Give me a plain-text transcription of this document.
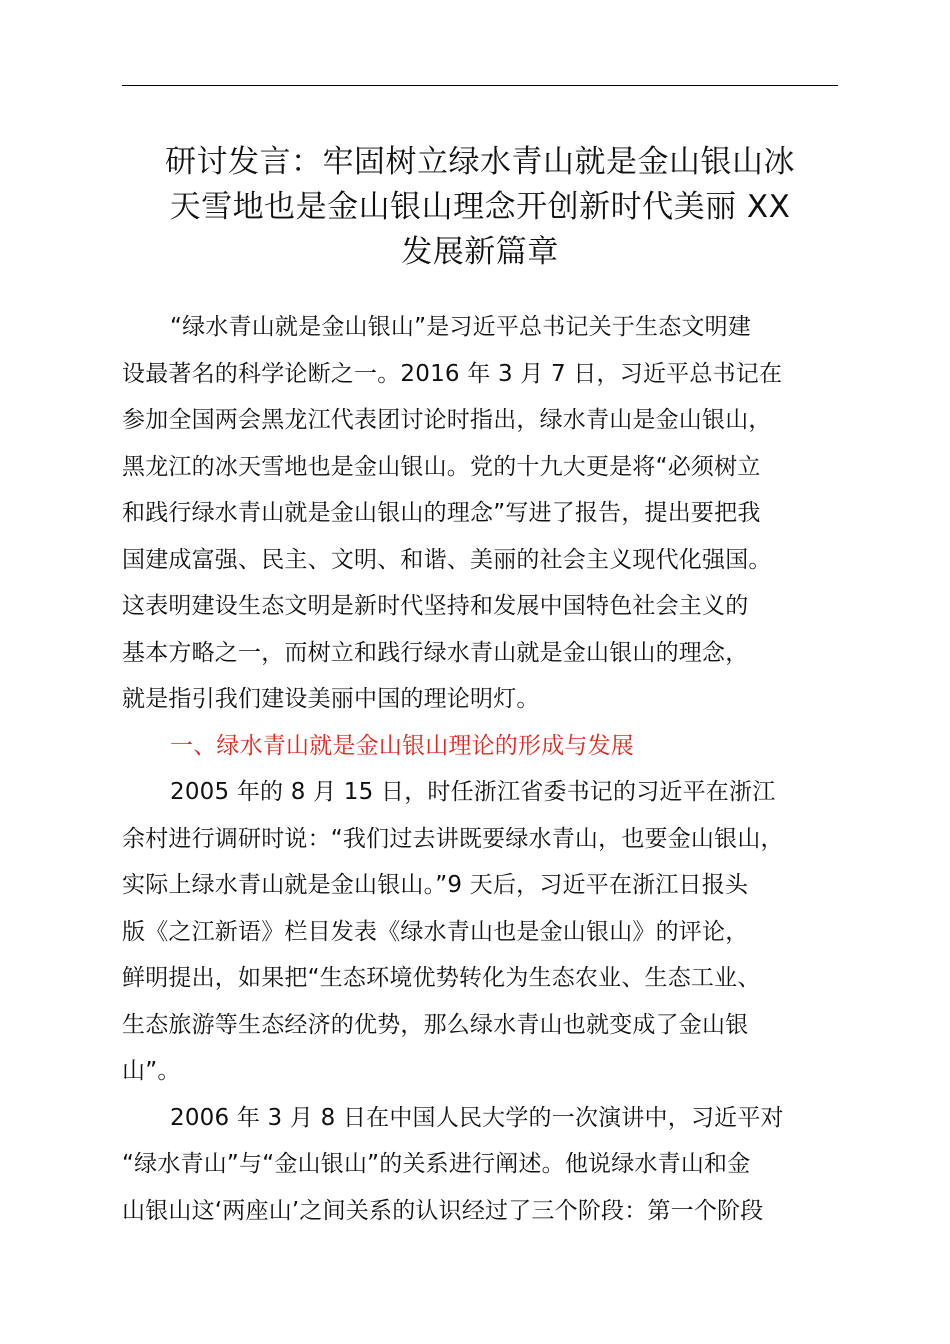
研讨发言：牢固树立绿水青山就是金山银山冰
天雪地也是金山银山理念开创新时代美丽 XX
发展新篇章
“绿水青山就是金山银山”是习近平总书记关于生态文明建
设最著名的科学论断之一。2016 年 3 月 7 日，习近平总书记在
参加全国两会黑龙江代表团讨论时指出，绿水青山是金山银山，
黑龙江的冰天雪地也是金山银山。党的十九大更是将“必须树立
和践行绿水青山就是金山银山的理念”写进了报告，提出要把我
国建成富强、民主、文明、和谐、美丽的社会主义现代化强国。
这表明建设生态文明是新时代坚持和发展中国特色社会主义的
基本方略之一，而树立和践行绿水青山就是金山银山的理念，
就是指引我们建设美丽中国的理论明灯。
一、绿水青山就是金山银山理论的形成与发展
2005 年的 8 月 15 日，时任浙江省委书记的习近平在浙江
余村进行调研时说：“我们过去讲既要绿水青山，也要金山银山，
实际上绿水青山就是金山银山。”9 天后，习近平在浙江日报头
版《之江新语》栏目发表《绿水青山也是金山银山》的评论，
鲜明提出，如果把“生态环境优势转化为生态农业、生态工业、
生态旅游等生态经济的优势，那么绿水青山也就变成了金山银
山”。
2006 年 3 月 8 日在中国人民大学的一次演讲中，习近平对
“绿水青山”与“金山银山”的关系进行阐述。他说绿水青山和金
山银山这‘两座山’之间关系的认识经过了三个阶段：第一个阶段
